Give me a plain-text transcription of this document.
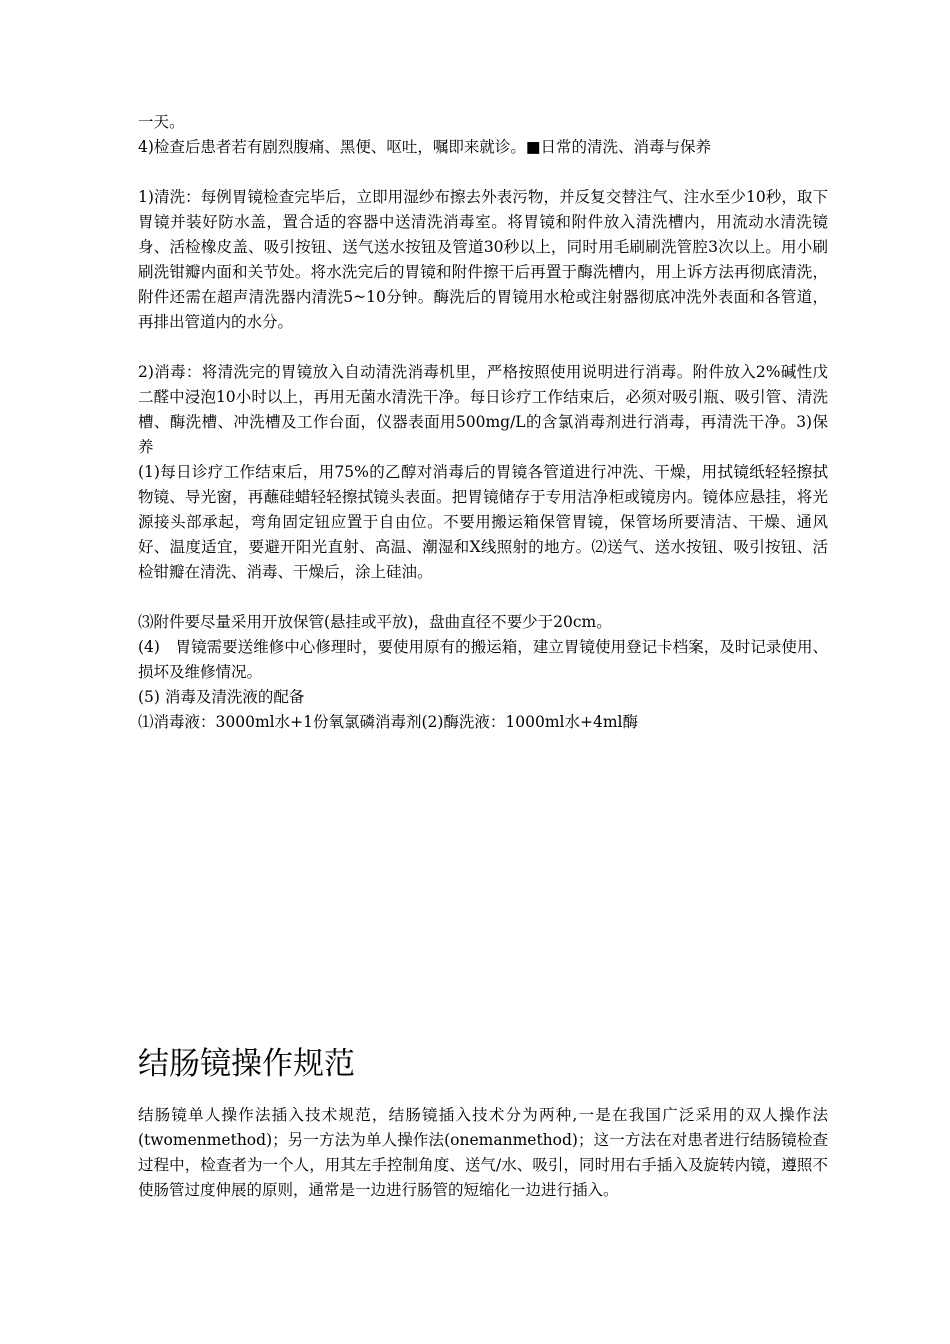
一天。

4)检查后患者若有剧烈腹痛、黑便、呕吐，嘱即来就诊。■日常的清洗、消毒与保养

1)清洗：每例胃镜检查完毕后，立即用湿纱布擦去外表污物，并反复交替注气、注水至少10秒，取下胃镜并装好防水盖，置合适的容器中送清洗消毒室。将胃镜和附件放入清洗槽内，用流动水清洗镜身、活检橡皮盖、吸引按钮、送气送水按钮及管道30秒以上，同时用毛刷刷洗管腔3次以上。用小刷刷洗钳瓣内面和关节处。将水洗完后的胃镜和附件擦干后再置于酶洗槽内，用上诉方法再彻底清洗，附件还需在超声清洗器内清洗5~10分钟。酶洗后的胃镜用水枪或注射器彻底冲洗外表面和各管道，再排出管道内的水分。

2)消毒：将清洗完的胃镜放入自动清洗消毒机里，严格按照使用说明进行消毒。附件放入2%碱性戊二醛中浸泡10小时以上，再用无菌水清洗干净。每日诊疗工作结束后，必须对吸引瓶、吸引管、清洗槽、酶洗槽、冲洗槽及工作台面，仪器表面用500mg/L的含氯消毒剂进行消毒，再清洗干净。3)保养

(1)每日诊疗工作结束后，用75%的乙醇对消毒后的胃镜各管道进行冲洗、干燥，用拭镜纸轻轻擦拭物镜、导光窗，再蘸硅蜡轻轻擦拭镜头表面。把胃镜储存于专用洁净柜或镜房内。镜体应悬挂，将光源接头部承起，弯角固定钮应置于自由位。不要用搬运箱保管胃镜，保管场所要清洁、干燥、通风好、温度适宜，要避开阳光直射、高温、潮湿和X线照射的地方。⑵送气、送水按钮、吸引按钮、活检钳瓣在清洗、消毒、干燥后，涂上硅油。

⑶附件要尽量采用开放保管(悬挂或平放)，盘曲直径不要少于20cm。

(4)　胃镜需要送维修中心修理时，要使用原有的搬运箱，建立胃镜使用登记卡档案，及时记录使用、损坏及维修情况。

(5) 消毒及清洗液的配备

⑴消毒液：3000ml水+1份氧氯磷消毒剂(2)酶洗液：1000ml水+4ml酶

结肠镜操作规范

结肠镜单人操作法插入技术规范，结肠镜插入技术分为两种,一是在我国广泛采用的双人操作法(twomenmethod)；另一方法为单人操作法(onemanmethod)；这一方法在对患者进行结肠镜检查过程中，检查者为一个人，用其左手控制角度、送气/水、吸引，同时用右手插入及旋转内镜，遵照不使肠管过度伸展的原则，通常是一边进行肠管的短缩化一边进行插入。
